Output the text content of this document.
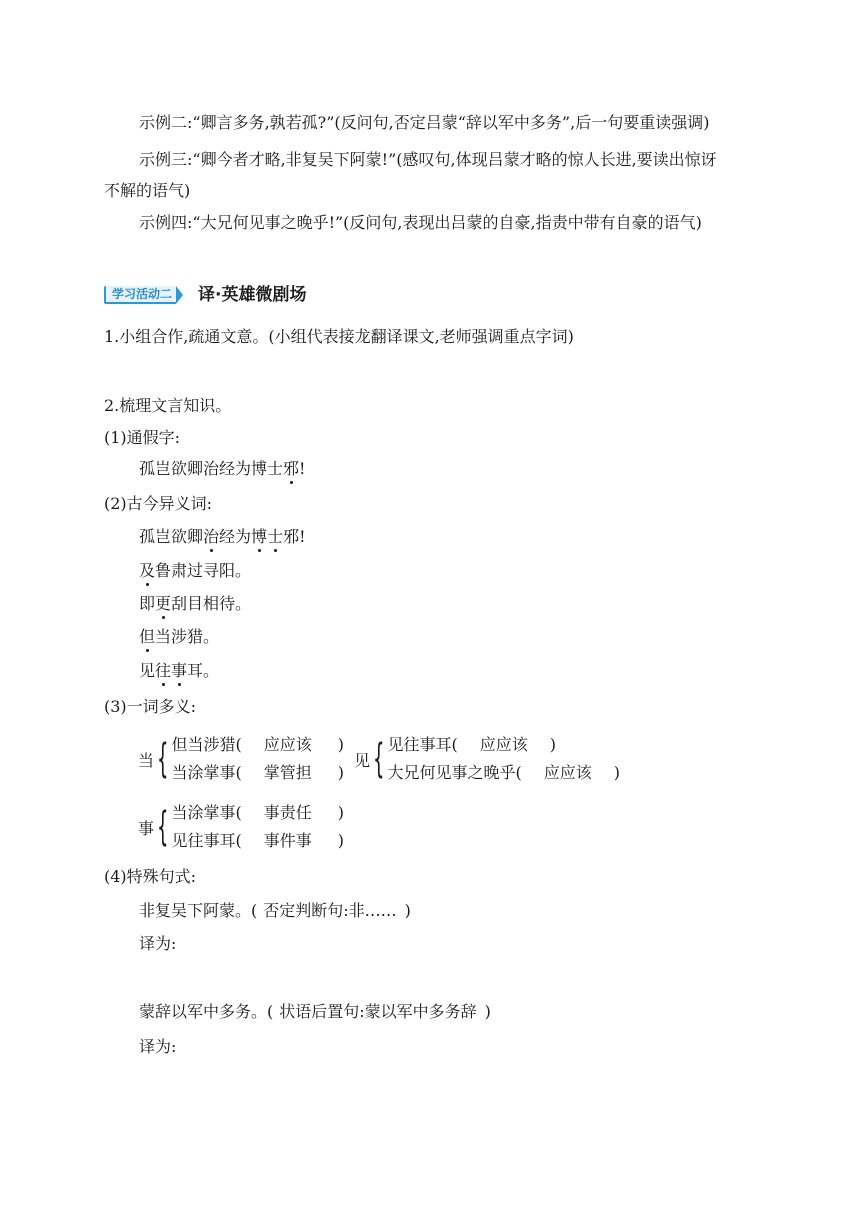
示例二:“卿言多务,孰若孤?”(反问句,否定吕蒙“辞以军中多务”,后一句要重读强调)
示例三:“卿今者才略,非复吴下阿蒙!”(感叹句,体现吕蒙才略的惊人长进,要读出惊讶
不解的语气)
示例四:“大兄何见事之晚乎!”(反问句,表现出吕蒙的自豪,指责中带有自豪的语气)
学习活动二 译·英雄微剧场
1.小组合作,疏通文意。(小组代表接龙翻译课文,老师强调重点字词)
2.梳理文言知识。
(1)通假字:
孤岂欲卿治经为博士邪!
(2)古今异义词:
孤岂欲卿治经为博士邪!
及鲁肃过寻阳。
即更刮目相待。
但当涉猎。
见往事耳。
(3)一词多义:
当 { 但当涉猎( 应应该 )
当涂掌事( 掌管担 )
见 { 见往事耳( 应应该 )
大兄何见事之晚乎( 应应该 )
事 { 当涂掌事( 事责任 )
见往事耳( 事件事 )
(4)特殊句式:
非复吴下阿蒙。( 否定判断句:非…… )
译为:
蒙辞以军中多务。( 状语后置句:蒙以军中多务辞 )
译为:
